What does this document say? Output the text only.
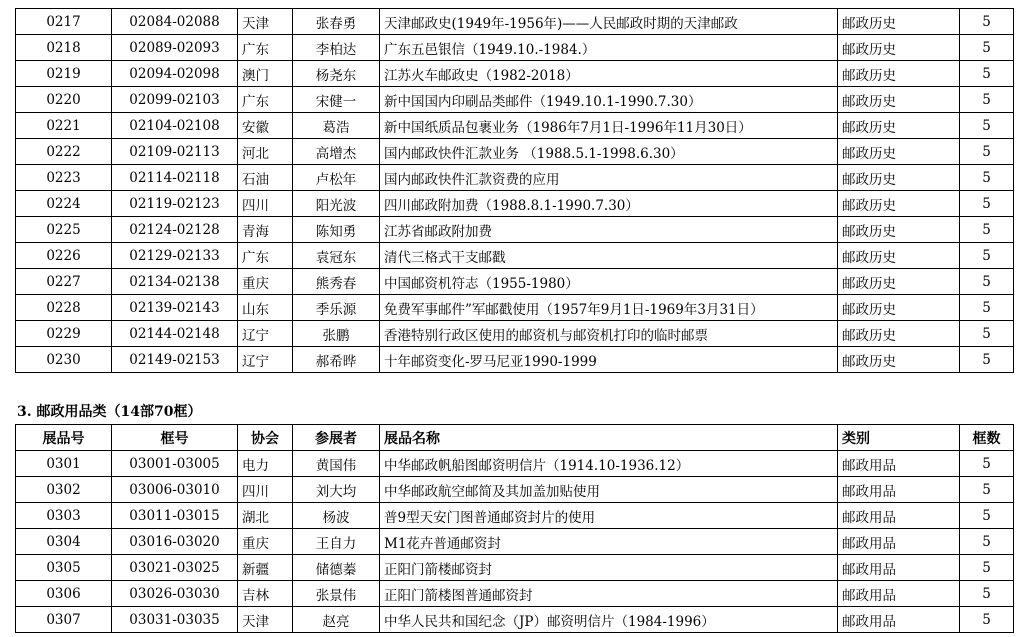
0217	02084-02088	天津	张春勇	天津邮政史(1949年-1956年)——人民邮政时期的天津邮政	邮政历史	5
0218	02089-02093	广东	李柏达	广东五邑银信（1949.10.-1984.）	邮政历史	5
0219	02094-02098	澳门	杨尧东	江苏火车邮政史（1982-2018）	邮政历史	5
0220	02099-02103	广东	宋健一	新中国国内印刷品类邮件（1949.10.1-1990.7.30）	邮政历史	5
0221	02104-02108	安徽	葛浩	新中国纸质品包裹业务（1986年7月1日-1996年11月30日）	邮政历史	5
0222	02109-02113	河北	高增杰	国内邮政快件汇款业务 （1988.5.1-1998.6.30）	邮政历史	5
0223	02114-02118	石油	卢松年	国内邮政快件汇款资费的应用	邮政历史	5
0224	02119-02123	四川	阳光波	四川邮政附加费（1988.8.1-1990.7.30）	邮政历史	5
0225	02124-02128	青海	陈知勇	江苏省邮政附加费	邮政历史	5
0226	02129-02133	广东	袁冠东	清代三格式干支邮戳	邮政历史	5
0227	02134-02138	重庆	熊秀春	中国邮资机符志（1955-1980）	邮政历史	5
0228	02139-02143	山东	季乐源	免费军事邮件”军邮戳使用（1957年9月1日-1969年3月31日）	邮政历史	5
0229	02144-02148	辽宁	张鹏	香港特别行政区使用的邮资机与邮资机打印的临时邮票	邮政历史	5
0230	02149-02153	辽宁	郝希晔	十年邮资变化-罗马尼亚1990-1999	邮政历史	5
3. 邮政用品类（14部70框）
展品号	框号	协会	参展者	展品名称	类别	框数
0301	03001-03005	电力	黄国伟	中华邮政帆船图邮资明信片（1914.10-1936.12）	邮政用品	5
0302	03006-03010	四川	刘大均	中华邮政航空邮简及其加盖加贴使用	邮政用品	5
0303	03011-03015	湖北	杨波	普9型天安门图普通邮资封片的使用	邮政用品	5
0304	03016-03020	重庆	王自力	M1花卉普通邮资封	邮政用品	5
0305	03021-03025	新疆	储德蓁	正阳门箭楼邮资封	邮政用品	5
0306	03026-03030	吉林	张景伟	正阳门箭楼图普通邮资封	邮政用品	5
0307	03031-03035	天津	赵亮	中华人民共和国纪念（JP）邮资明信片（1984-1996）	邮政用品	5
